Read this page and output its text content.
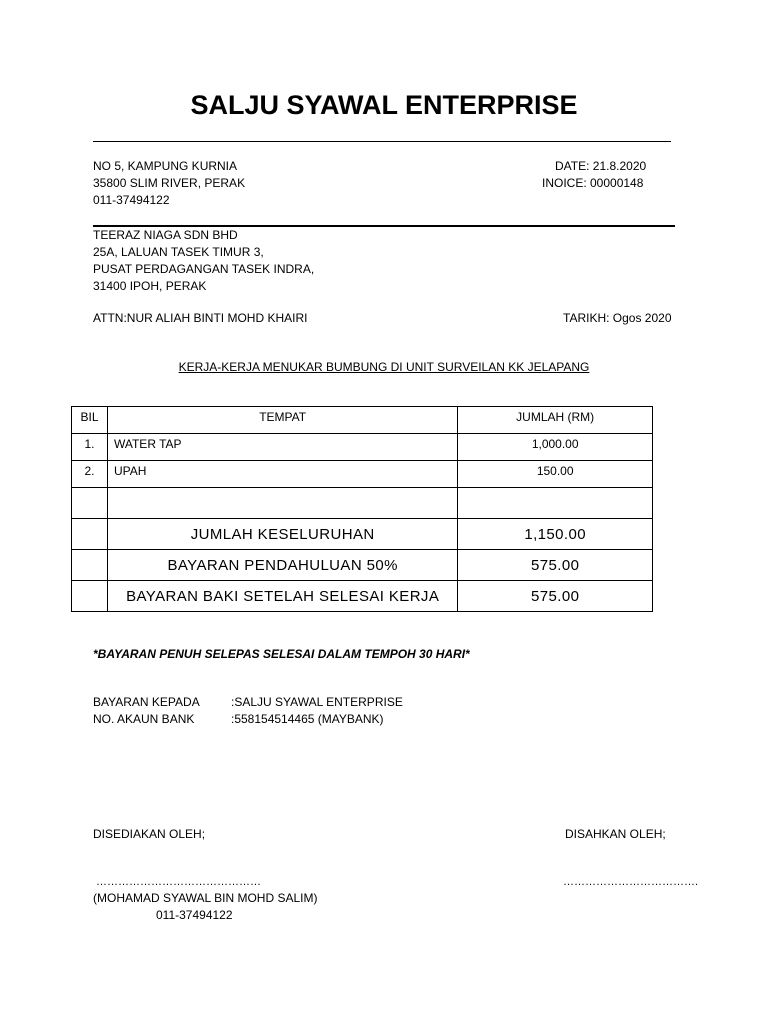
SALJU SYAWAL ENTERPRISE
NO 5, KAMPUNG KURNIA
35800 SLIM RIVER, PERAK
011-37494122
DATE: 21.8.2020
INOICE: 00000148
TEERAZ NIAGA SDN BHD
25A, LALUAN TASEK TIMUR 3,
PUSAT PERDAGANGAN TASEK INDRA,
31400 IPOH, PERAK
ATTN:NUR ALIAH BINTI MOHD KHAIRI	TARIKH: Ogos 2020
KERJA-KERJA MENUKAR BUMBUNG DI UNIT SURVEILAN KK JELAPANG
BIL	TEMPAT	JUMLAH (RM)
1.	WATER TAP	1,000.00
2.	UPAH	150.00

	JUMLAH KESELURUHAN	1,150.00
	BAYARAN PENDAHULUAN 50%	575.00
	BAYARAN BAKI SETELAH SELESAI KERJA	575.00
*BAYARAN PENUH SELEPAS SELESAI DALAM TEMPOH 30 HARI*
BAYARAN KEPADA	:SALJU SYAWAL ENTERPRISE
NO. AKAUN BANK	:558154514465 (MAYBANK)
DISEDIAKAN OLEH;	DISAHKAN OLEH;
………………………………………	……………………………….
(MOHAMAD SYAWAL BIN MOHD SALIM)
011-37494122
